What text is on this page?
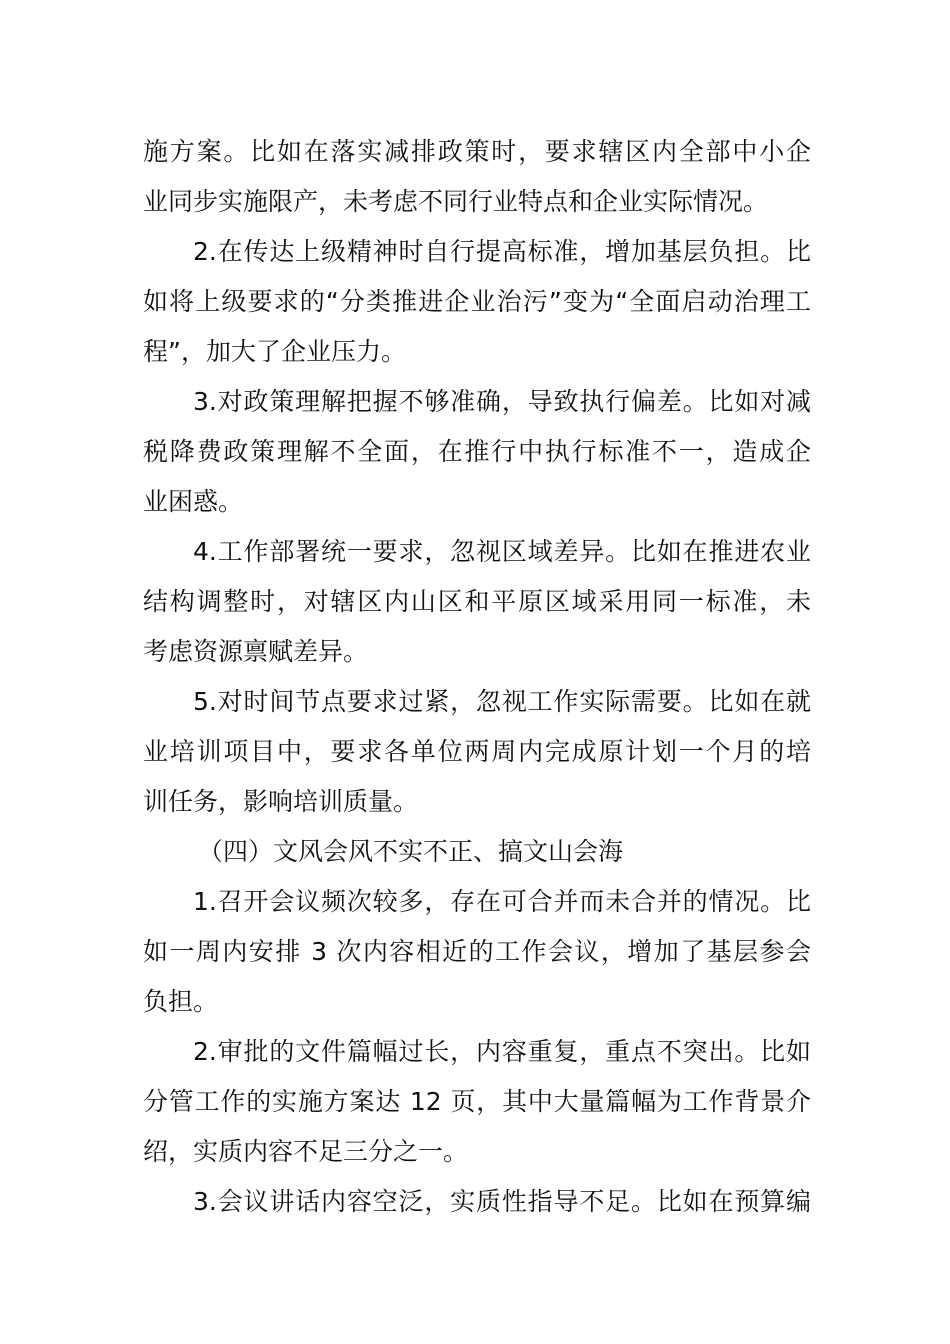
施方案。比如在落实减排政策时，要求辖区内全部中小企
业同步实施限产，未考虑不同行业特点和企业实际情况。

2.在传达上级精神时自行提高标准，增加基层负担。比
如将上级要求的“分类推进企业治污”变为“全面启动治理工
程”，加大了企业压力。

3.对政策理解把握不够准确，导致执行偏差。比如对减
税降费政策理解不全面，在推行中执行标准不一，造成企
业困惑。

4.工作部署统一要求，忽视区域差异。比如在推进农业
结构调整时，对辖区内山区和平原区域采用同一标准，未
考虑资源禀赋差异。

5.对时间节点要求过紧，忽视工作实际需要。比如在就
业培训项目中，要求各单位两周内完成原计划一个月的培
训任务，影响培训质量。

（四）文风会风不实不正、搞文山会海

1.召开会议频次较多，存在可合并而未合并的情况。比
如一周内安排 3 次内容相近的工作会议，增加了基层参会
负担。

2.审批的文件篇幅过长，内容重复，重点不突出。比如
分管工作的实施方案达 12 页，其中大量篇幅为工作背景介
绍，实质内容不足三分之一。

3.会议讲话内容空泛，实质性指导不足。比如在预算编
